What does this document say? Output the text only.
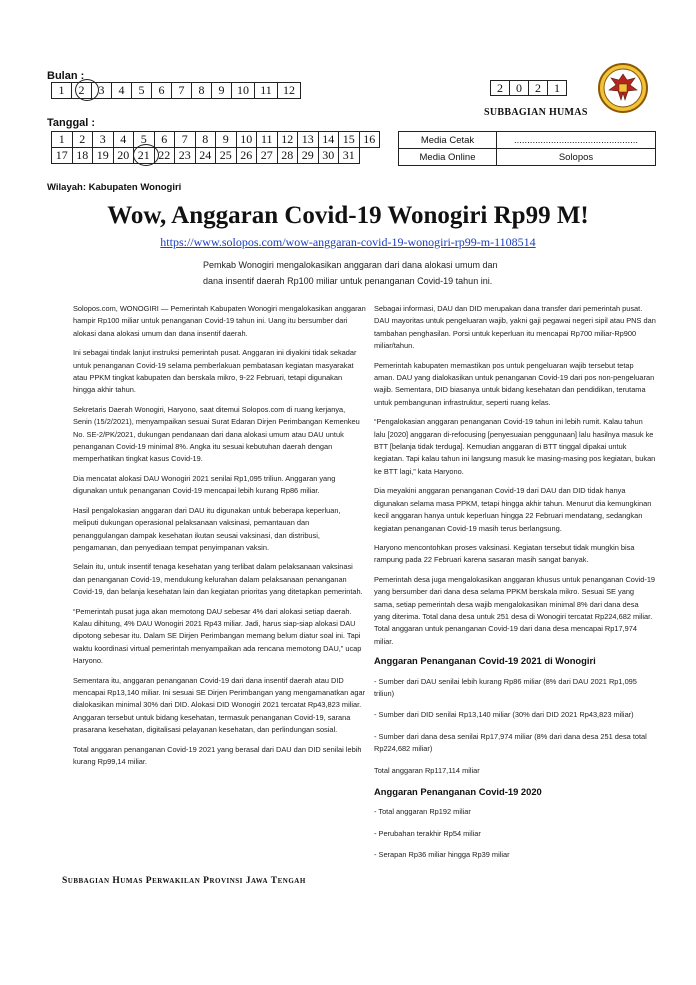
Bulan :
1	2	3	4	5	6	7	8	9	10	11	12
Tanggal :
1	2	3	4	5	6	7	8	9	10	11	12	13	14	15	16
17	18	19	20	21	22	23	24	25	26	27	28	29	30	31	
2	0	2	1
SUBBAGIAN HUMAS
Media Cetak	...............................................
Media Online	Solopos
Wilayah: Kabupaten Wonogiri
Wow, Anggaran Covid-19 Wonogiri Rp99 M!
https://www.solopos.com/wow-anggaran-covid-19-wonogiri-rp99-m-1108514
Pemkab Wonogiri mengalokasikan anggaran dari dana alokasi umum dan dana insentif daerah Rp100 miliar untuk penanganan Covid-19 tahun ini.

Solopos.com, WONOGIRI — Pemerintah Kabupaten Wonogiri mengalokasikan anggaran hampir Rp100 miliar untuk penanganan Covid-19 tahun ini. Uang itu bersumber dari alokasi dana alokasi umum dan dana insentif daerah.

Ini sebagai tindak lanjut instruksi pemerintah pusat. Anggaran ini diyakini tidak sekadar untuk penanganan Covid-19 selama pemberlakuan pembatasan kegiatan masyarakat atau PPKM tingkat kabupaten dan berskala mikro, 9-22 Februari, tetapi digunakan hingga akhir tahun.

Sekretaris Daerah Wonogiri, Haryono, saat ditemui Solopos.com di ruang kerjanya, Senin (15/2/2021), menyampaikan sesuai Surat Edaran Dirjen Perimbangan Kemenkeu No. SE-2/PK/2021, dukungan pendanaan dari dana alokasi umum atau DAU untuk penanganan Covid-19 minimal 8%. Angka itu sesuai kebutuhan daerah dengan memperhatikan tingkat kasus Covid-19.

Dia mencatat alokasi DAU Wonogiri 2021 senilai Rp1,095 triliun. Anggaran yang digunakan untuk penanganan Covid-19 mencapai lebih kurang Rp86 miliar.

Hasil pengalokasian anggaran dari DAU itu digunakan untuk beberapa keperluan, meliputi dukungan operasional pelaksanaan vaksinasi, pemantauan dan penanggulangan dampak kesehatan ikutan seusai vaksinasi, dan distribusi, pengamanan, dan penyediaan tempat penyimpanan vaksin.

Selain itu, untuk insentif tenaga kesehatan yang terlibat dalam pelaksanaan vaksinasi dan penanganan Covid-19, mendukung kelurahan dalam pelaksanaan penanganan Covid-19, dan belanja kesehatan lain dan kegiatan prioritas yang ditetapkan pemerintah.

“Pemerintah pusat juga akan memotong DAU sebesar 4% dari alokasi setiap daerah. Kalau dihitung, 4% DAU Wonogiri 2021 Rp43 miliar. Jadi, harus siap-siap alokasi DAU dipotong sebesar itu. Dalam SE Dirjen Perimbangan memang belum diatur soal ini. Tapi waktu koordinasi virtual pemerintah menyampaikan ada rencana memotong DAU,” ucap Haryono.

Sementara itu, anggaran penanganan Covid-19 dari dana insentif daerah atau DID mencapai Rp13,140 miliar. Ini sesuai SE Dirjen Perimbangan yang mengamanatkan agar dialokasikan minimal 30% dari DID. Alokasi DID Wonogiri 2021 tercatat Rp43,823 miliar. Anggaran tersebut untuk bidang kesehatan, termasuk penanganan Covid-19, sarana prasarana kesehatan, digitalisasi pelayanan kesehatan, dan perlindungan sosial.

Total anggaran penanganan Covid-19 2021 yang berasal dari DAU dan DID senilai lebih kurang Rp99,14 miliar.

Sebagai informasi, DAU dan DID merupakan dana transfer dari pemerintah pusat. DAU mayoritas untuk pengeluaran wajib, yakni gaji pegawai negeri sipil atau PNS dan tambahan penghasilan. Porsi untuk keperluan itu mencapai Rp700 miliar-Rp900 miliar/tahun.

Pemerintah kabupaten memastikan pos untuk pengeluaran wajib tersebut tetap aman. DAU yang dialokasikan untuk penanganan Covid-19 dari pos non-pengeluaran wajib. Sementara, DID biasanya untuk bidang kesehatan dan pendidikan, terutama untuk pembangunan infrastruktur, seperti ruang kelas.

“Pengalokasian anggaran penanganan Covid-19 tahun ini lebih rumit. Kalau tahun lalu [2020] anggaran di-refocusing [penyesuaian penggunaan] lalu hasilnya masuk ke BTT [belanja tidak terduga]. Kemudian anggaran di BTT tinggal dipakai untuk kegiatan. Tapi kalau tahun ini langsung masuk ke masing-masing pos kegiatan, bukan ke BTT lagi,” kata Haryono.

Dia meyakini anggaran penanganan Covid-19 dari DAU dan DID tidak hanya digunakan selama masa PPKM, tetapi hingga akhir tahun. Menurut dia kemungkinan kecil anggaran hanya untuk keperluan hingga 22 Februari mendatang, sedangkan kegiatan penanganan Covid-19 masih terus berlangsung.

Haryono mencontohkan proses vaksinasi. Kegiatan tersebut tidak mungkin bisa rampung pada 22 Februari karena sasaran masih sangat banyak.

Pemerintah desa juga mengalokasikan anggaran khusus untuk penanganan Covid-19 yang bersumber dari dana desa selama PPKM berskala mikro. Sesuai SE yang sama, setiap pemerintah desa wajib mengalokasikan minimal 8% dari dana desa yang diterima. Total dana desa untuk 251 desa di Wonogiri tercatat Rp224,682 miliar. Total anggaran untuk penanganan Covid-19 dari dana desa mencapai Rp17,974 miliar.

Anggaran Penanganan Covid-19 2021 di Wonogiri
- Sumber dari DAU senilai lebih kurang Rp86 miliar (8% dari DAU 2021 Rp1,095 triliun)
- Sumber dari DID senilai Rp13,140 miliar (30% dari DID 2021 Rp43,823 miliar)
- Sumber dari dana desa senilai Rp17,974 miliar (8% dari dana desa 251 desa total Rp224,682 miliar)
Total anggaran Rp117,114 miliar
Anggaran Penanganan Covid-19 2020
- Total anggaran Rp192 miliar
- Perubahan terakhir Rp54 miliar
- Serapan Rp36 miliar hingga Rp39 miliar
Subbagian Humas Perwakilan Provinsi Jawa Tengah
